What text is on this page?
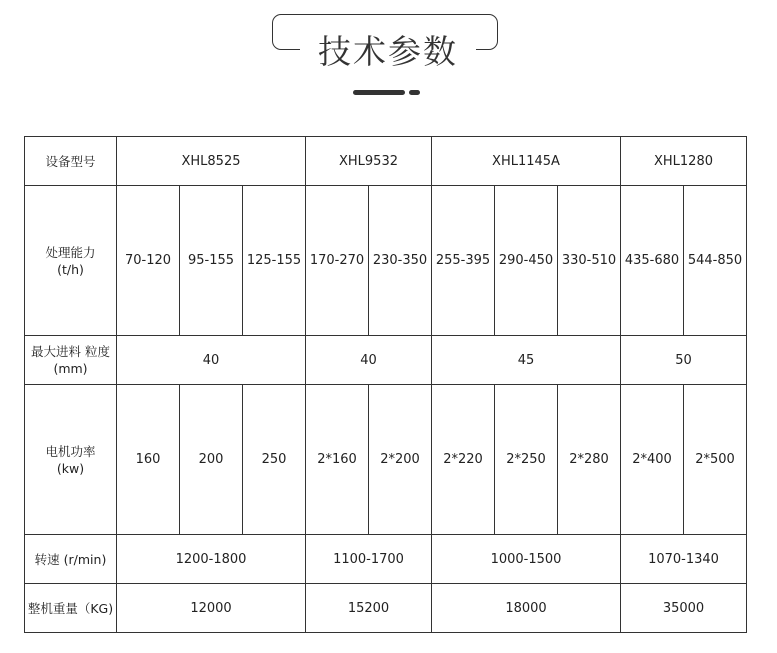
技术参数
设备型号	XHL8525			XHL9532		XHL1145A			XHL1280	
处理能力
(t/h)	70-120	95-155	125-155	170-270	230-350	255-395	290-450	330-510	435-680	544-850
最大进料 粒度
(mm)	40			40		45			50	
电机功率
(kw)	160	200	250	2*160	2*200	2*220	2*250	2*280	2*400	2*500
转速 (r/min)	1200-1800			1100-1700		1000-1500			1070-1340	
整机重量（KG)	12000			15200		18000			35000	
